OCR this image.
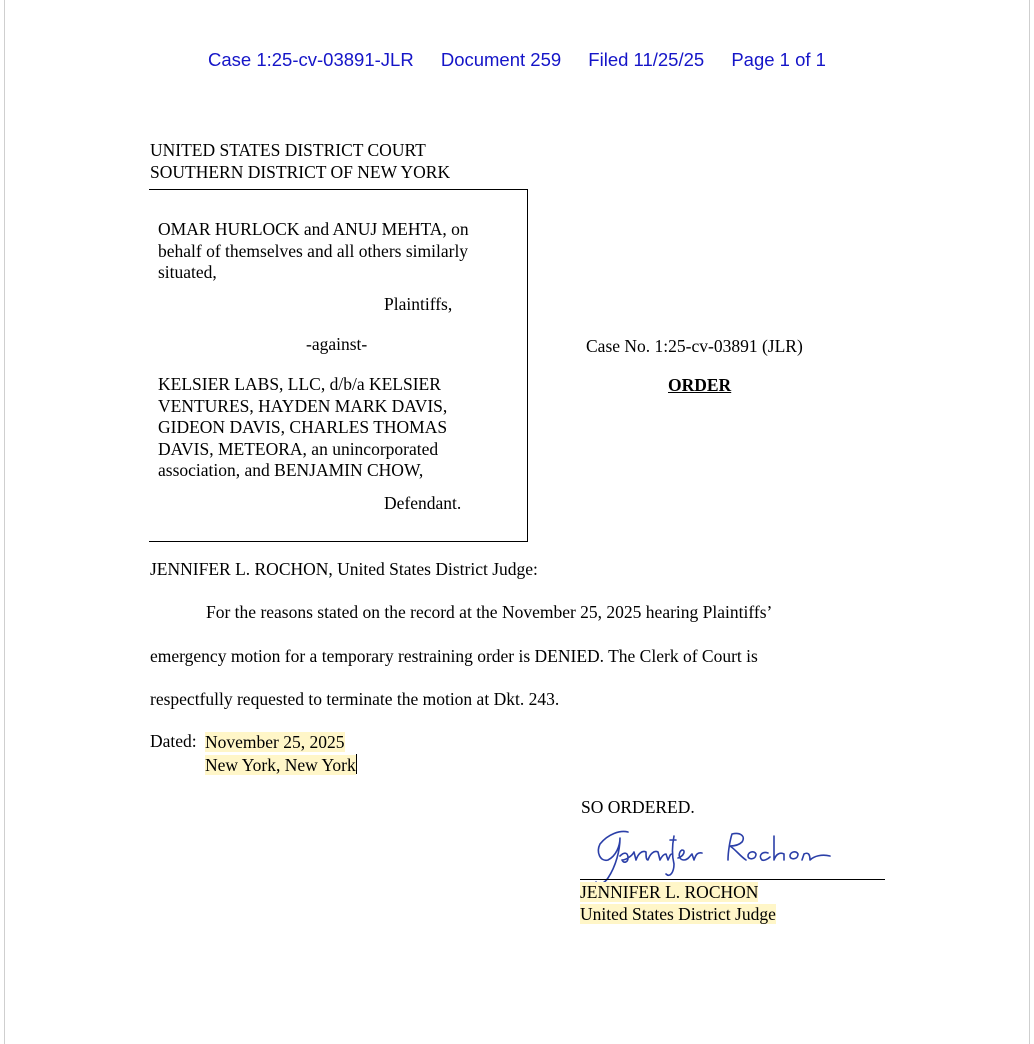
Case 1:25-cv-03891-JLR Document 259 Filed 11/25/25 Page 1 of 1
UNITED STATES DISTRICT COURT
SOUTHERN DISTRICT OF NEW YORK
OMAR HURLOCK and ANUJ MEHTA, on behalf of themselves and all others similarly situated,
Plaintiffs,
-against-
KELSIER LABS, LLC, d/b/a KELSIER VENTURES, HAYDEN MARK DAVIS, GIDEON DAVIS, CHARLES THOMAS DAVIS, METEORA, an unincorporated association, and BENJAMIN CHOW,
Defendant.
Case No. 1:25-cv-03891 (JLR)
ORDER
JENNIFER L. ROCHON, United States District Judge:
For the reasons stated on the record at the November 25, 2025 hearing Plaintiffs’
emergency motion for a temporary restraining order is DENIED. The Clerk of Court is
respectfully requested to terminate the motion at Dkt. 243.
Dated: November 25, 2025
New York, New York
SO ORDERED.
JENNIFER L. ROCHON
United States District Judge
